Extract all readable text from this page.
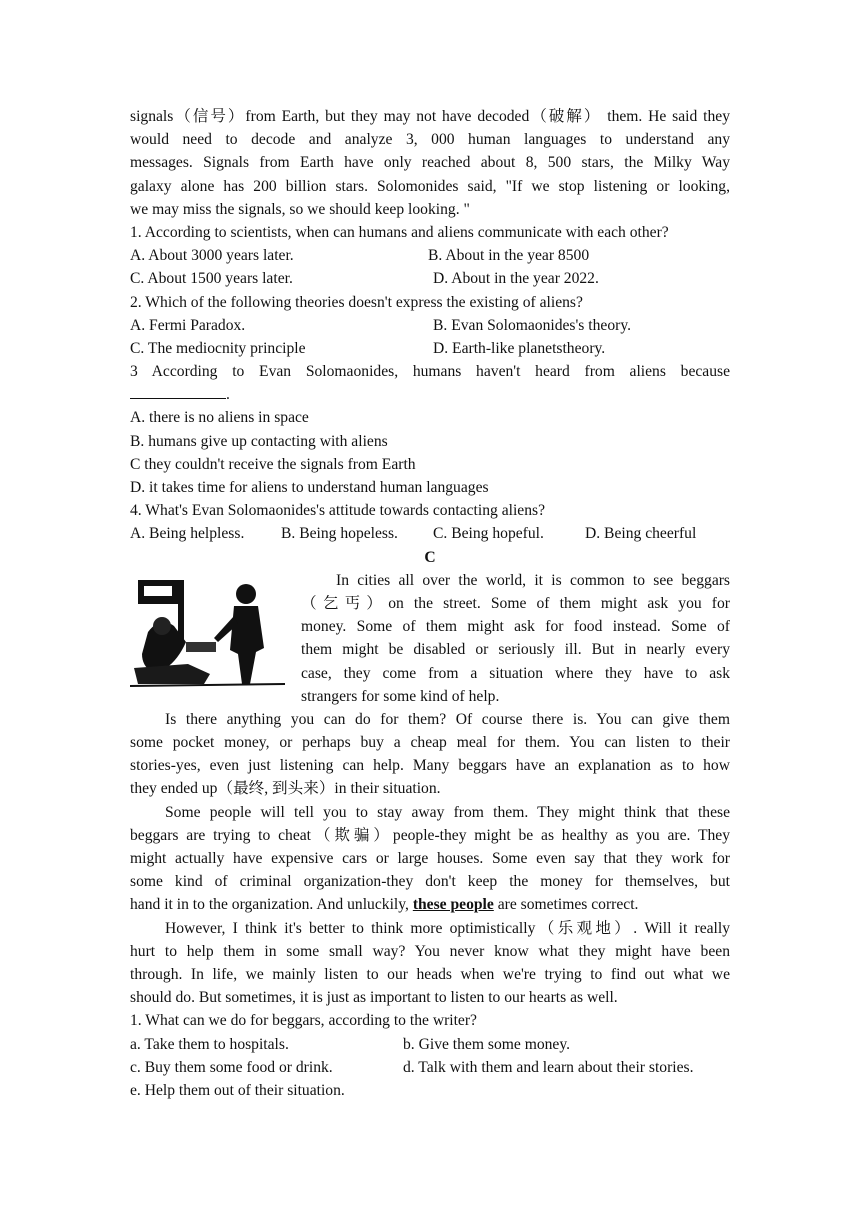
signals（信号）from Earth, but they may not have decoded（破解） them. He said they
would need to decode and analyze 3, 000 human languages to understand any
messages. Signals from Earth have only reached about 8, 500 stars, the Milky Way
galaxy alone has 200 billion stars. Solomonides said, "If we stop listening or looking,
we may miss the signals, so we should keep looking. "
1. According to scientists, when can humans and aliens communicate with each other?
A. About 3000 years later.	B. About in the year 8500
C. About 1500 years later.	D. About in the year 2022.
2. Which of the following theories doesn't express the existing of aliens?
A. Fermi Paradox.	B. Evan Solomaonides's theory.
C. The mediocnity principle	D. Earth-like planetstheory.
3 According to Evan Solomaonides, humans haven't heard from aliens because
.
A. there is no aliens in space
B. humans give up contacting with aliens
C they couldn't receive the signals from Earth
D. it takes time for aliens to understand human languages
4. What's Evan Solomaonides's attitude towards contacting aliens?
A. Being helpless. B. Being hopeless. C. Being hopeful.	D. Being cheerful
C
In cities all over the world, it is common to see beggars
（乞丐）on the street. Some of them might ask you for
money. Some of them might ask for food instead. Some of
them might be disabled or seriously ill. But in nearly every
case, they come from a situation where they have to ask
strangers for some kind of help.
Is there anything you can do for them? Of course there is. You can give them
some pocket money, or perhaps buy a cheap meal for them. You can listen to their
stories-yes, even just listening can help. Many beggars have an explanation as to how
they ended up（最终, 到头来）in their situation.
Some people will tell you to stay away from them. They might think that these
beggars are trying to cheat（欺骗）people-they might be as healthy as you are. They
might actually have expensive cars or large houses. Some even say that they work for
some kind of criminal organization-they don't keep the money for themselves, but
hand it in to the organization. And unluckily, these people are sometimes correct.
However, I think it's better to think more optimistically（乐观地）. Will it really
hurt to help them in some small way? You never know what they might have been
through. In life, we mainly listen to our heads when we're trying to find out what we
should do. But sometimes, it is just as important to listen to our hearts as well.
1. What can we do for beggars, according to the writer?
a. Take them to hospitals.	b. Give them some money.
c. Buy them some food or drink.	d. Talk with them and learn about their stories.
e. Help them out of their situation.
